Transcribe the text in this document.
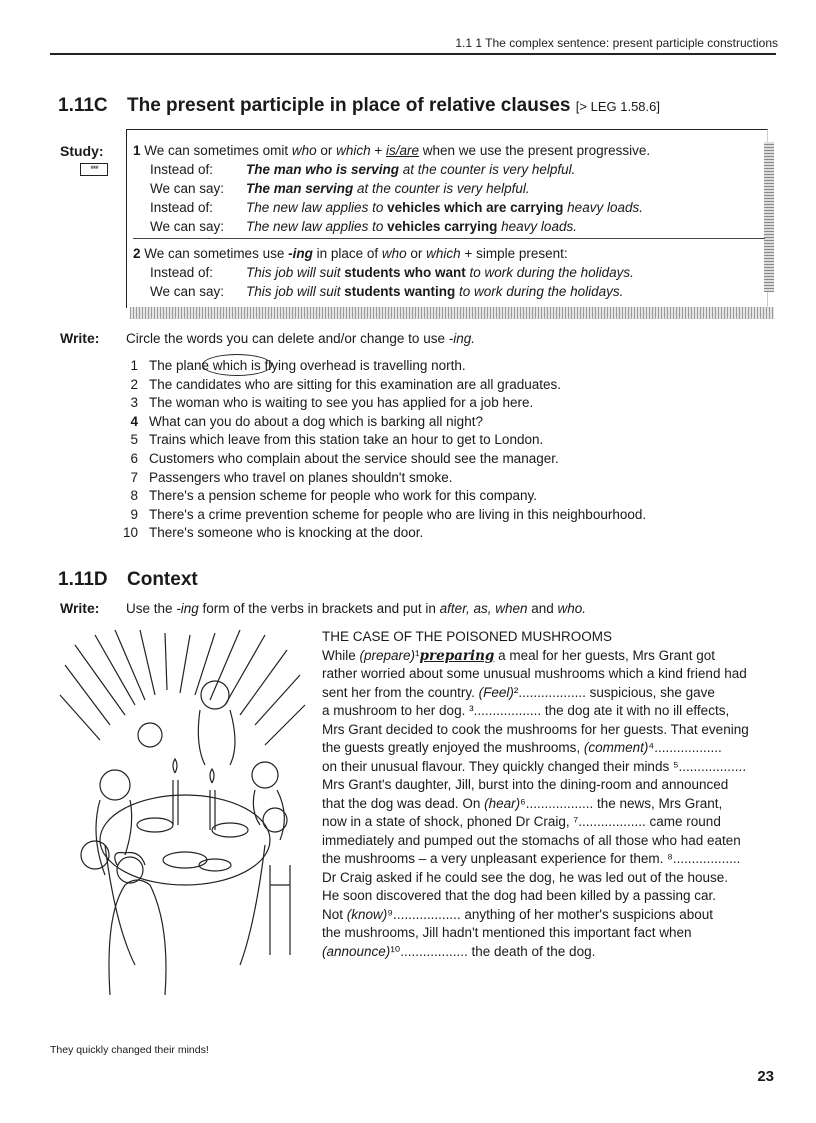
1.1 1 The complex sentence: present participle constructions
1.11C The present participle in place of relative clauses [> LEG 1.58.6]
Study:
***
1 We can sometimes omit who or which + is/are when we use the present progressive.
Instead of: The man who is serving at the counter is very helpful.
We can say: The man serving at the counter is very helpful.
Instead of: The new law applies to vehicles which are carrying heavy loads.
We can say: The new law applies to vehicles carrying heavy loads.
2 We can sometimes use -ing in place of who or which + simple present:
Instead of: This job will suit students who want to work during the holidays.
We can say: This job will suit students wanting to work during the holidays.
Write: Circle the words you can delete and/or change to use -ing.
1 The plane which is flying overhead is travelling north.
2 The candidates who are sitting for this examination are all graduates.
3 The woman who is waiting to see you has applied for a job here.
4 What can you do about a dog which is barking all night?
5 Trains which leave from this station take an hour to get to London.
6 Customers who complain about the service should see the manager.
7 Passengers who travel on planes shouldn't smoke.
8 There's a pension scheme for people who work for this company.
9 There's a crime prevention scheme for people who are living in this neighbourhood.
10 There's someone who is knocking at the door.
1.11D Context
Write: Use the -ing form of the verbs in brackets and put in after, as, when and who.

THE CASE OF THE POISONED MUSHROOMS

While (prepare)¹preparing a meal for her guests, Mrs Grant got

rather worried about some unusual mushrooms which a kind friend had

sent her from the country. (Feel)².................. suspicious, she gave

a mushroom to her dog. ³.................. the dog ate it with no ill effects,

Mrs Grant decided to cook the mushrooms for her guests. That evening

the guests greatly enjoyed the mushrooms, (comment)⁴..................

on their unusual flavour. They quickly changed their minds ⁵..................

Mrs Grant's daughter, Jill, burst into the dining-room and announced

that the dog was dead. On (hear)⁶.................. the news, Mrs Grant,

now in a state of shock, phoned Dr Craig, ⁷.................. came round

immediately and pumped out the stomachs of all those who had eaten

the mushrooms – a very unpleasant experience for them. ⁸..................

Dr Craig asked if he could see the dog, he was led out of the house.

He soon discovered that the dog had been killed by a passing car.

Not (know)⁹.................. anything of her mother's suspicions about

the mushrooms, Jill hadn't mentioned this important fact when

(announce)¹⁰.................. the death of the dog.

They quickly changed their minds!
23
